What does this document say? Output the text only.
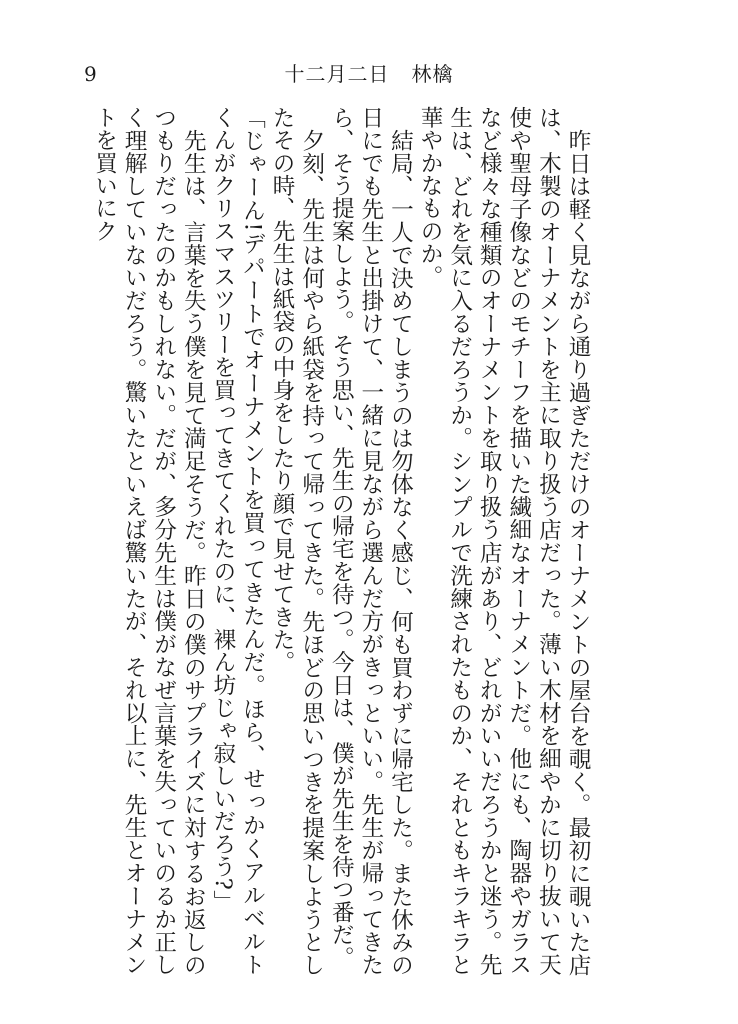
9	十二月二日 林檎

昨日は軽く見ながら通り過ぎただけのオーナメントの屋台を覗く。最初に覗いた店は、木製のオーナメントを主に取り扱う店だった。薄い木材を細やかに切り抜いて天使や聖母子像などのモチーフを描いた繊細なオーナメントだ。他にも、陶器やガラスなど様々な種類のオーナメントを取り扱う店があり、どれがいいだろうかと迷う。先生は、どれを気に入るだろうか。シンプルで洗練されたものか、それともキラキラと華やかなものか。

結局、一人で決めてしまうのは勿体なく感じ、何も買わずに帰宅した。また休みの日にでも先生と出掛けて、一緒に見ながら選んだ方がきっといい。先生が帰ってきたら、そう提案しよう。そう思い、先生の帰宅を待つ。今日は、僕が先生を待つ番だ。

夕刻、先生は何やら紙袋を持って帰ってきた。先ほどの思いつきを提案しようとしたその時、先生は紙袋の中身をしたり顔で見せてきた。

「じゃーん!デパートでオーナメントを買ってきたんだ。ほら、せっかくアルベルトくんがクリスマスツリーを買ってきてくれたのに、裸ん坊じゃ寂しいだろう?」

先生は、言葉を失う僕を見て満足そうだ。昨日の僕のサプライズに対するお返しのつもりだったのかもしれない。だが、多分先生は僕がなぜ言葉を失っていのるか正しく理解していないだろう。驚いたといえば驚いたが、それ以上に、先生とオーナメントを買いにク
